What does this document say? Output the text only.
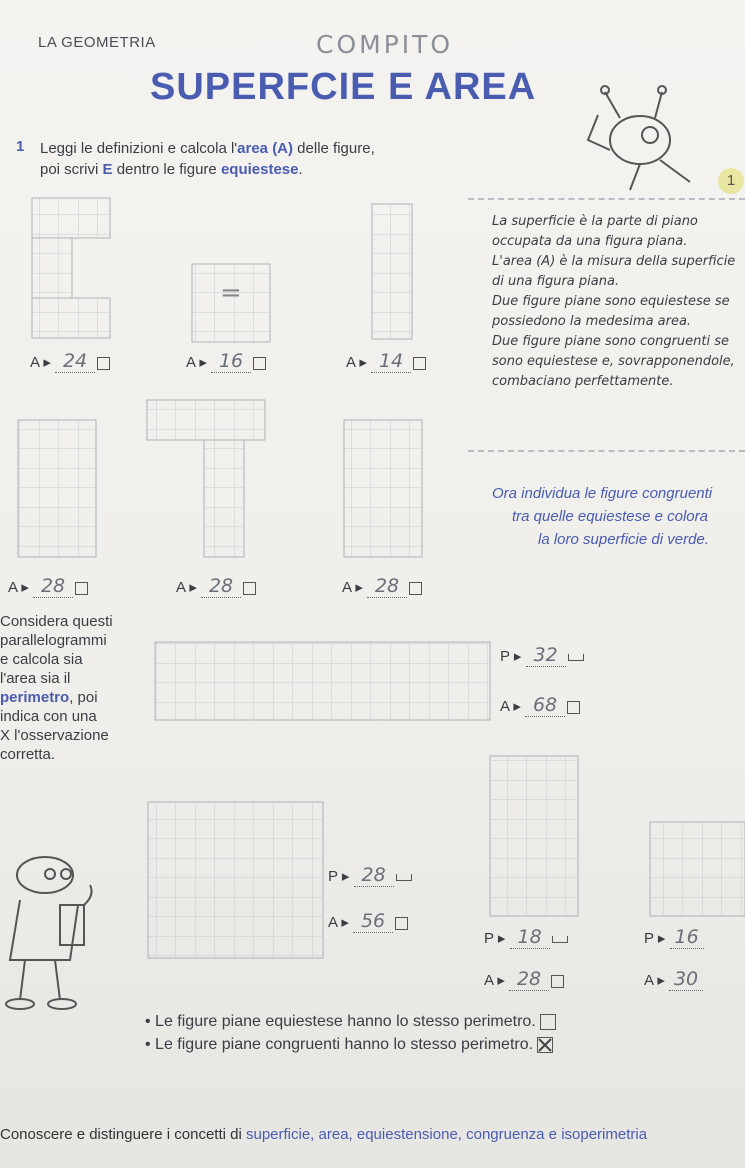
LA GEOMETRIA	COMPITO
SUPERFCIE E AREA
1 Leggi le definizioni e calcola l'area (A) delle figure,
poi scrivi E dentro le figure equiestese.
=
1
A ▸ 24	A ▸ 16	A ▸ 14

La superficie è la parte di piano

occupata da una figura piana.

L'area (A) è la misura della superficie

di una figura piana.

Due figure piane sono equiestese se

possiedono la medesima area.

Due figure piane sono congruenti se

sono equiestese e, sovrapponendole,

combaciano perfettamente.

Ora individua le figure congruenti

tra quelle equiestese e colora

la loro superficie di verde.

A ▸ 28	A ▸ 28	A ▸ 28
Considera questi
parallelogrammi
e calcola sia
l'area sia il
perimetro, poi
indica con una
X l'osservazione
corretta.
P ▸ 32
A ▸ 68
P ▸ 28
A ▸ 56
P ▸ 18
A ▸ 28
P ▸ 16
A ▸ 30
• Le figure piane equiestese hanno lo stesso perimetro.
• Le figure piane congruenti hanno lo stesso perimetro.
Conoscere e distinguere i concetti di superficie, area, equiestensione, congruenza e isoperimetria
